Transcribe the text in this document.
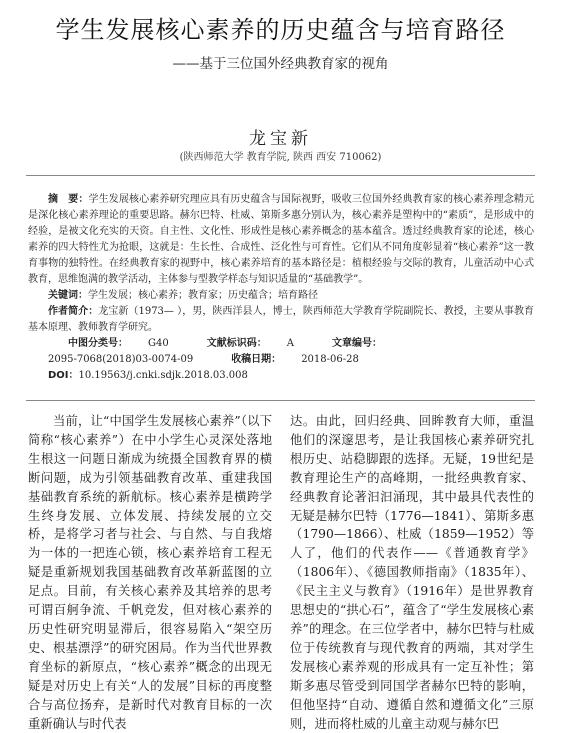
学生发展核心素养的历史蕴含与培育路径
——基于三位国外经典教育家的视角
龙宝新
(陕西师范大学 教育学院, 陕西 西安 710062)

摘　要：学生发展核心素养研究理应具有历史蕴含与国际视野，吸收三位国外经典教育家的核心素养理念精元是深化核心素养理论的重要思路。赫尔巴特、杜威、第斯多惠分别认为，核心素养是塑构中的“素质”，是形成中的经验，是被文化充实的天资。自主性、文化性、形成性是核心素养概念的基本蕴含。透过经典教育家的论述，核心素养的四大特性尤为抢眼，这就是：生长性、合成性、泛化性与可育性。它们从不同角度彰显着“核心素养”这一教育事物的独特性。在经典教育家的视野中，核心素养培育的基本路径是：植根经验与交际的教育，儿童活动中心式教育，思维饱满的教学活动，主体参与型教学样态与知识适量的“基础教学”。

关键词：学生发展；核心素养；教育家；历史蕴含；培育路径

作者简介：龙宝新（1973— ），男，陕西洋县人，博士，陕西师范大学教育学院副院长、教授，主要从事教育基本原理、教师教育学研究。

中图分类号： G40	文献标识码： A	文章编号：2095-7068(2018)03-0074-09	收稿日期： 2018-06-28

DOI：10.19563/j.cnki.sdjk.2018.03.008

当前，让“中国学生发展核心素养”（以下简称“核心素养”）在中小学生心灵深处落地生根这一问题日渐成为统摄全国教育界的横断问题，成为引领基础教育改革、重建我国基础教育系统的新航标。核心素养是横跨学生终身发展、立体发展、持续发展的立交桥，是将学习者与社会、与自然、与自我熔为一体的一把连心锁，核心素养培育工程无疑是重新规划我国基础教育改革新蓝图的立足点。目前，有关核心素养及其培养的思考可谓百舸争流、千帆竞发，但对核心素养的历史性研究明显滞后，很容易陷入“架空历史、根基漂浮”的研究困局。作为当代世界教育坐标的新原点，“核心素养”概念的出现无疑是对历史上有关“人的发展”目标的再度整合与高位扬弃，是新时代对教育目标的一次重新确认与时代表

达。由此，回归经典、回眸教育大师，重温他们的深邃思考，是让我国核心素养研究扎根历史、站稳脚跟的选择。无疑，19世纪是教育理论生产的高峰期，一批经典教育家、经典教育论著汩汩涌现，其中最具代表性的无疑是赫尔巴特（1776—1841）、第斯多惠（1790—1866）、杜威（1859—1952）等人了，他们的代表作——《普通教育学》（1806年）、《德国教师指南》（1835年）、《民主主义与教育》（1916年）是世界教育思想史的“拱心石”，蕴含了“学生发展核心素养”的理念。在三位学者中，赫尔巴特与杜威位于传统教育与现代教育的两端，其对学生发展核心素养观的形成具有一定互补性；第斯多惠尽管受到同国学者赫尔巴特的影响，但他坚持“自动、遵循自然和遵循文化”三原则，进而将杜威的儿童主动观与赫尔巴
